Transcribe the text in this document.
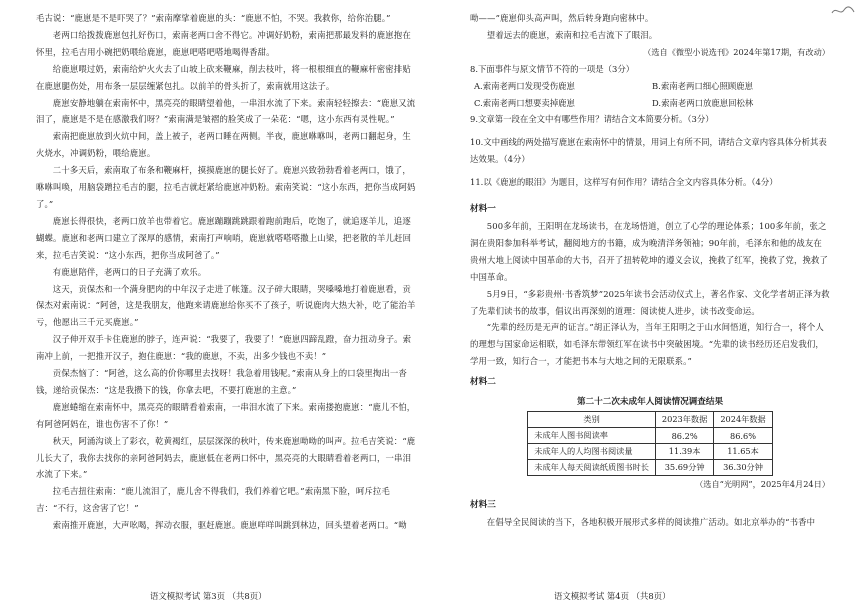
毛古说：“鹿崽是不是吓哭了？”索南摩挲着鹿崽的头：“鹿崽不怕，不哭。我救你，给你治腿。”

老两口给拨拨鹿崽包扎好伤口，索南老两口舍不得它。冲调好奶粉，索南把那最发料的鹿崽抱在怀里，拉毛吉用小碗把奶喂给鹿崽，鹿崽吧嗒吧嗒地喝得香甜。

给鹿崽喂过奶，索南给炉火火去了山坡上砍来鞭麻，削去枝叶，将一根根细直的鞭麻杆密密排贴在鹿崽腿伤处，用布条一层层缠紧包扎。以前羊的骨头折了，索南就用这法子。

鹿崽安静地躺在索南怀中，黑亮亮的眼睛望着他，一串泪水流了下来。索南轻轻擦去：“鹿崽又流泪了，鹿崽是不是在感激我们呀？”索南满是皱褶的脸笑成了一朵花：“嗯，这小东西有灵性呢。”

索南把鹿崽放到火炕中间，盖上被子，老两口睡在两侧。半夜，鹿崽咻咻叫，老两口翻起身，生火烧水，冲调奶粉，喂给鹿崽。

二十多天后，索南取了布条和鞭麻杆，摸摸鹿崽的腿长好了。鹿崽兴致勃勃看着老两口，饿了，咻咻叫唤，用脑袋蹭拉毛吉的腿，拉毛吉就赶紧给鹿崽冲奶粉。索南笑说：“这小东西，把你当成阿妈了。”

鹿崽长得很快，老两口放羊也带着它。鹿崽蹦蹦跳跳跟着跑前跑后，吃饱了，就追逐羊儿，追逐蝴蝶。鹿崽和老两口建立了深厚的感情，索南打声响哨，鹿崽就嗒嗒嗒撒上山梁，把老散的羊儿赶回来，拉毛吉笑说：“这小东西，把你当成阿爸了。”

有鹿崽陪伴，老两口的日子充满了欢乐。

这天，贡保杰和一个满身肥肉的中年汉子走进了帐篷。汉子碎大眼睛，哭嗓嗓地打着鹿崽看，贡保杰对索南说：“阿爸，这是我朋友，他跑来请鹿崽给你买不了孩子，听说鹿肉大热大补，吃了能治羊亏，他愿出三千元买鹿崽。”

汉子伸开双手卡住鹿崽的脖子，连声说：“我要了，我要了！”鹿崽四蹄乱蹬，奋力扭动身子。索南冲上前，一把推开汉子，抱住鹿崽：“我的鹿崽，不卖，出多少钱也不卖！”

贡保杰恼了：“阿爸，这么高的价你哪里去找呀！我急着用钱呢。”索南从身上的口袋里掏出一沓钱，递给贡保杰：“这是我攒下的钱，你拿去吧，不要打鹿崽的主意。”

鹿崽蜷缩在索南怀中，黑亮亮的眼睛看着索南，一串泪水流了下来。索南搂抱鹿崽：“鹿儿不怕，有阿爸阿妈在，谁也伤害不了你！”

秋天，阿涌沟谈上了彩衣，乾黄褐红，层层深深的秋叶，传来鹿崽呦呦的叫声。拉毛吉笑说：“鹿儿长大了，我你去找你的亲阿爸阿妈去，鹿崽低在老两口怀中，黑亮亮的大眼睛看着老两口，一串泪水流了下来。”

拉毛吉扭往索南：“鹿儿流泪了，鹿儿舍不得我们，我们养着它吧。”索南黑下脸，呵斥拉毛吉：“不行，这舍害了它！”

索南推开鹿崽，大声吆喝，挥动衣服，驱赶鹿崽。鹿崽咩咩叫跳到林边，回头望着老两口。“呦

语文模拟考试 第3页 （共8页）

呦——”鹿崽仰头高声叫，然后转身跑向密林中。

望着远去的鹿崽，索南和拉毛吉流下了眼泪。

（选自《微型小说选刊》2024年第17期，有改动）

8.下面事件与原文情节不符的一项是（3分）

A.索南老两口发现受伤鹿崽	B.索南老两口细心照顾鹿崽
C.索南老两口想要卖掉鹿崽	D.索南老两口放鹿崽回松林

9.文章第一段在全文中有哪些作用？请结合文本简要分析。（3分）

10.文中画线的两处描写鹿崽在索南怀中的情景，用词上有所不同，请结合文章内容具体分析其表达效果。（4分）

11.以《鹿崽的眼泪》为题目，这样写有何作用？请结合全文内容具体分析。（4分）

材料一

500多年前，王阳明在龙场读书，在龙场悟道，创立了心学的理论体系；100多年前，张之洞在贵阳参加科举考试，翻阅地方的书籍，成为晚清洋务领袖；90年前，毛泽东和他的战友在贵州大地上阅读中国革命的大书，召开了扭转乾坤的遵义会议，挽救了红军，挽救了党，挽救了中国革命。

5月9日，“多彩贵州·书香筑梦”2025年读书会活动仪式上，著名作家、文化学者胡正泽为救了先辈们读书的故事，倡议出再深刻的道理：阅读使人进步，读书改变命运。

“先辈的经历是无声的证言。”胡正泽认为，当年王阳明之于山水间悟道，知行合一，将个人的理想与国家命运相联，如毛泽东带领红军在读书中突破困境。“先辈的读书经历还启发我们，学用一致，知行合一，才能把书本与大地之间的无限联系。”

材料二

第二十二次未成年人阅读情况调查结果
类别	2023年数据	2024年数据
未成年人图书阅读率	86.2%	86.6%
未成年人的人均图书阅读量	11.39本	11.65本
未成年人每天阅读纸质图书时长	35.69分钟	36.30分钟

（选自“光明网”，2025年4月24日）

材料三

在倡导全民阅读的当下，各地积极开展形式多样的阅读推广活动。如北京举办的“书香中

语文模拟考试 第4页 （共8页）
